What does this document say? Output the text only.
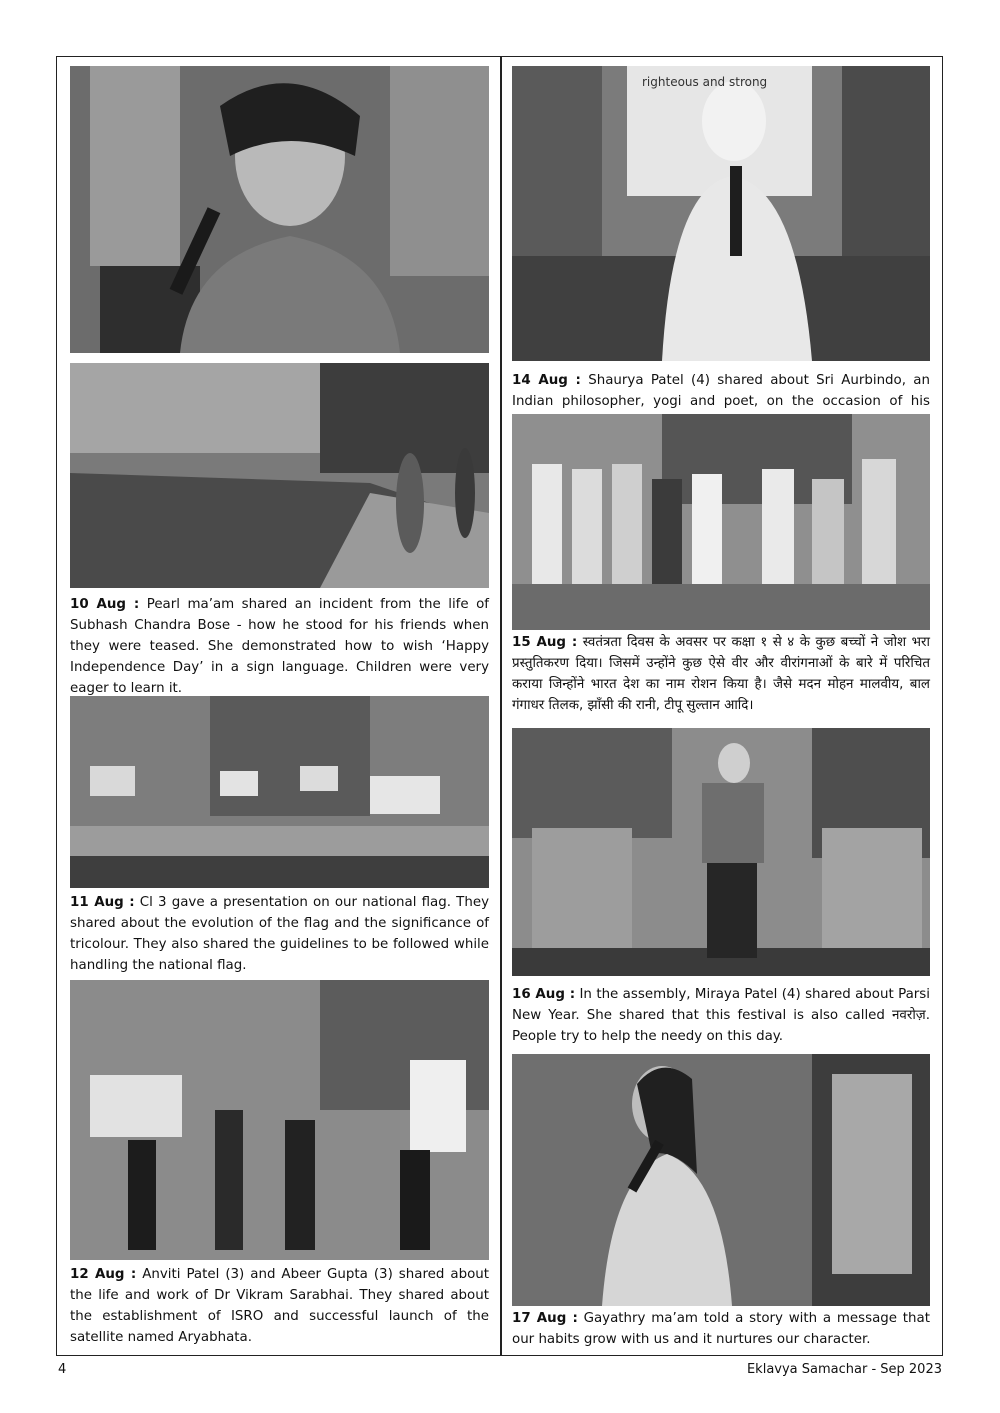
10 Aug : Pearl ma’am shared an incident from the life of Subhash Chandra Bose - how he stood for his friends when they were teased. She demonstrated how to wish ‘Happy Independence Day’ in a sign language. Children were very eager to learn it.

11 Aug : Cl 3 gave a presentation on our national flag. They shared about the evolution of the flag and the significance of tricolour. They also shared the guidelines to be followed while handling the national flag.

12 Aug : Anviti Patel (3) and Abeer Gupta (3) shared about the life and work of Dr Vikram Sarabhai. They shared about the establishment of ISRO and successful launch of the satellite named Aryabhata.

righteous and strong

14 Aug : Shaurya Patel (4) shared about Sri Aurbindo, an Indian philosopher, yogi and poet, on the occasion of his

15 Aug : स्वतंत्रता दिवस के अवसर पर कक्षा १ से ४ के कुछ बच्चों ने जोश भरा प्रस्तुतिकरण दिया। जिसमें उन्होंने कुछ ऐसे वीर और वीरांगनाओं के बारे में परिचित कराया जिन्होंने भारत देश का नाम रोशन किया है। जैसे मदन मोहन मालवीय, बाल गंगाधर तिलक, झाँसी की रानी, टीपू सुल्तान आदि।

16 Aug : In the assembly, Miraya Patel (4) shared about Parsi New Year. She shared that this festival is also called नवरोज़. People try to help the needy on this day.

17 Aug : Gayathry ma’am told a story with a message that our habits grow with us and it nurtures our character.

4	Eklavya Samachar - Sep 2023
